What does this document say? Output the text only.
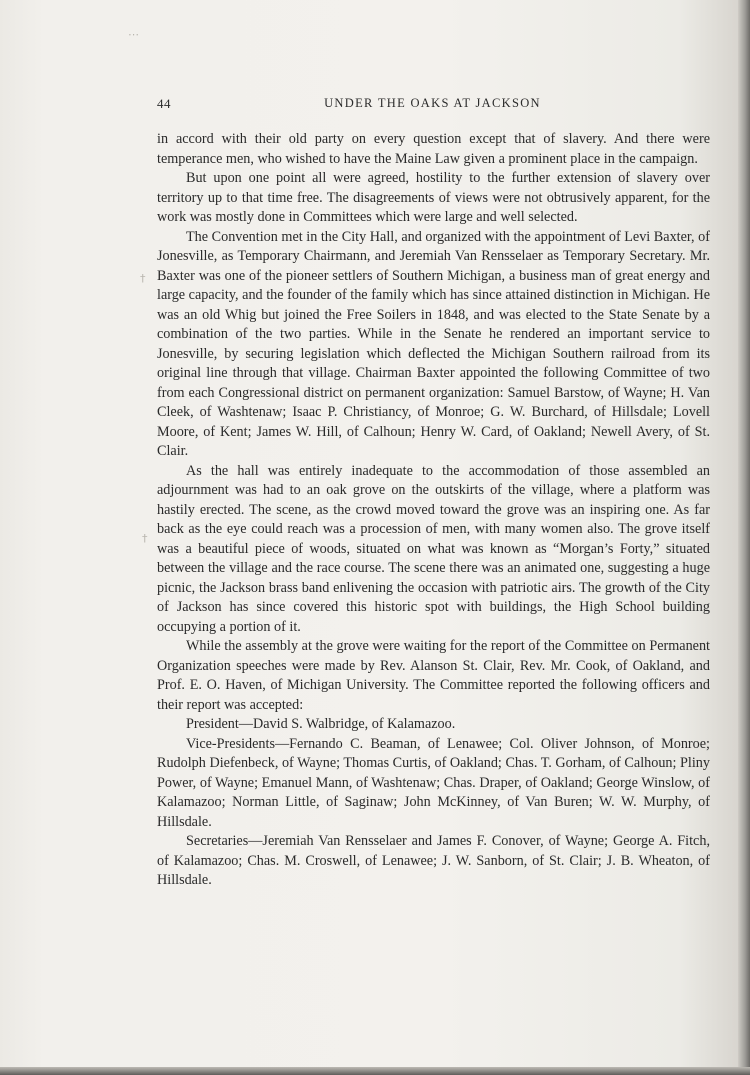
⋯
†
†
44	UNDER THE OAKS AT JACKSON

in accord with their old party on every question except that of slavery. And there were temperance men, who wished to have the Maine Law given a prominent place in the campaign.

But upon one point all were agreed, hostility to the further extension of slavery over territory up to that time free. The disagreements of views were not obtrusively apparent, for the work was mostly done in Committees which were large and well selected.

The Convention met in the City Hall, and organized with the appointment of Levi Baxter, of Jonesville, as Temporary Chairmann, and Jeremiah Van Rensselaer as Temporary Secretary. Mr. Baxter was one of the pioneer settlers of Southern Michigan, a business man of great energy and large capacity, and the founder of the family which has since attained distinction in Michigan. He was an old Whig but joined the Free Soilers in 1848, and was elected to the State Senate by a combination of the two parties. While in the Senate he rendered an important service to Jonesville, by securing legislation which deflected the Michigan Southern railroad from its original line through that village. Chairman Baxter appointed the following Committee of two from each Congressional district on permanent organization: Samuel Barstow, of Wayne; H. Van Cleek, of Washtenaw; Isaac P. Christiancy, of Monroe; G. W. Burchard, of Hillsdale; Lovell Moore, of Kent; James W. Hill, of Calhoun; Henry W. Card, of Oakland; Newell Avery, of St. Clair.

As the hall was entirely inadequate to the accommodation of those assembled an adjournment was had to an oak grove on the outskirts of the village, where a platform was hastily erected. The scene, as the crowd moved toward the grove was an inspiring one. As far back as the eye could reach was a procession of men, with many women also. The grove itself was a beautiful piece of woods, situated on what was known as “Morgan’s Forty,” situated between the village and the race course. The scene there was an animated one, suggesting a huge picnic, the Jackson brass band enlivening the occasion with patriotic airs. The growth of the City of Jackson has since covered this historic spot with buildings, the High School building occupying a portion of it.

While the assembly at the grove were waiting for the report of the Committee on Permanent Organization speeches were made by Rev. Alanson St. Clair, Rev. Mr. Cook, of Oakland, and Prof. E. O. Haven, of Michigan University. The Committee reported the following officers and their report was accepted:

President—David S. Walbridge, of Kalamazoo.

Vice-Presidents—Fernando C. Beaman, of Lenawee; Col. Oliver Johnson, of Monroe; Rudolph Diefenbeck, of Wayne; Thomas Curtis, of Oakland; Chas. T. Gorham, of Calhoun; Pliny Power, of Wayne; Emanuel Mann, of Washtenaw; Chas. Draper, of Oakland; George Winslow, of Kalamazoo; Norman Little, of Saginaw; John McKinney, of Van Buren; W. W. Murphy, of Hillsdale.

Secretaries—Jeremiah Van Rensselaer and James F. Conover, of Wayne; George A. Fitch, of Kalamazoo; Chas. M. Croswell, of Lenawee; J. W. Sanborn, of St. Clair; J. B. Wheaton, of Hillsdale.
